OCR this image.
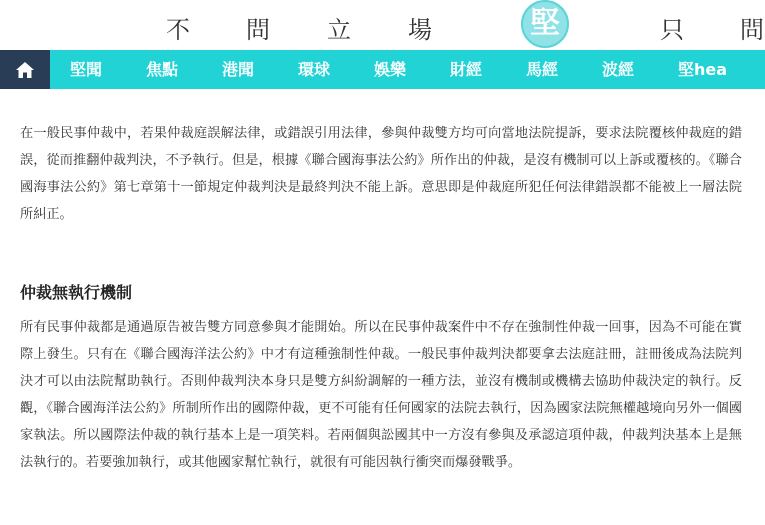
不 問 立 場	堅	只 問
堅聞	焦點	港聞	環球	娛樂	財經	馬經	波經	堅hea

在一般民事仲裁中，若果仲裁庭誤解法律，或錯誤引用法律，參與仲裁雙方均可向當地法院提訴，要求法院覆核仲裁庭的錯誤，從而推翻仲裁判決，不予執行。但是，根據《聯合國海事法公約》所作出的仲裁，是沒有機制可以上訴或覆核的。《聯合國海事法公約》第七章第十一節規定仲裁判決是最終判決不能上訴。意思即是仲裁庭所犯任何法律錯誤都不能被上一層法院所糾正。

仲裁無執行機制

所有民事仲裁都是通過原告被告雙方同意參與才能開始。所以在民事仲裁案件中不存在強制性仲裁一回事，因為不可能在實際上發生。只有在《聯合國海洋法公約》中才有這種強制性仲裁。一般民事仲裁判決都要拿去法庭註冊，註冊後成為法院判決才可以由法院幫助執行。否則仲裁判決本身只是雙方糾紛調解的一種方法，並沒有機制或機構去協助仲裁決定的執行。反觀，《聯合國海洋法公約》所制所作出的國際仲裁，更不可能有任何國家的法院去執行，因為國家法院無權越境向另外一個國家執法。所以國際法仲裁的執行基本上是一項笑料。若兩個與訟國其中一方沒有參與及承認這項仲裁，仲裁判決基本上是無法執行的。若要強加執行，或其他國家幫忙執行，就很有可能因執行衝突而爆發戰爭。
